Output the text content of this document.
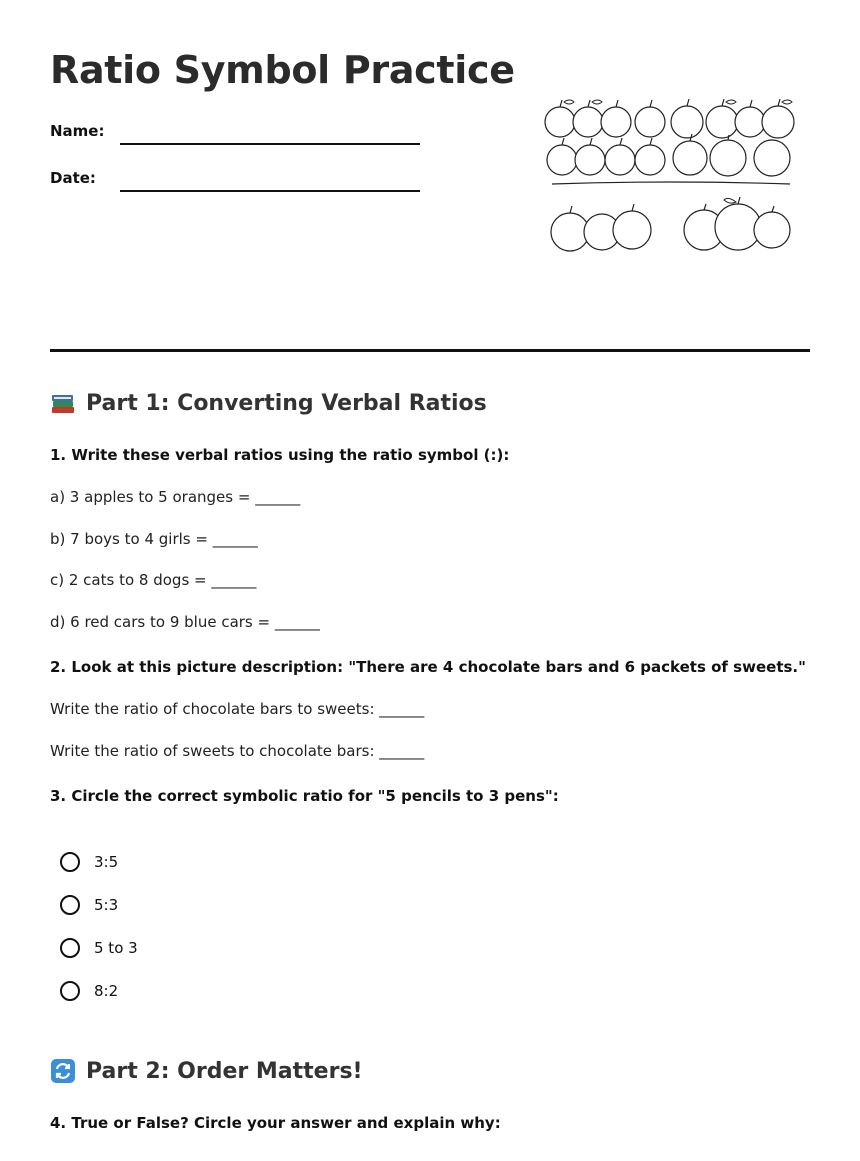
Ratio Symbol Practice
Name:
Date:
Part 1: Converting Verbal Ratios

1. Write these verbal ratios using the ratio symbol (:):

a) 3 apples to 5 oranges = ______

b) 7 boys to 4 girls = ______

c) 2 cats to 8 dogs = ______

d) 6 red cars to 9 blue cars = ______

2. Look at this picture description: "There are 4 chocolate bars and 6 packets of sweets."

Write the ratio of chocolate bars to sweets: ______

Write the ratio of sweets to chocolate bars: ______

3. Circle the correct symbolic ratio for "5 pencils to 3 pens":

3:5
5:3
5 to 3
8:2
Part 2: Order Matters!

4. True or False? Circle your answer and explain why:
